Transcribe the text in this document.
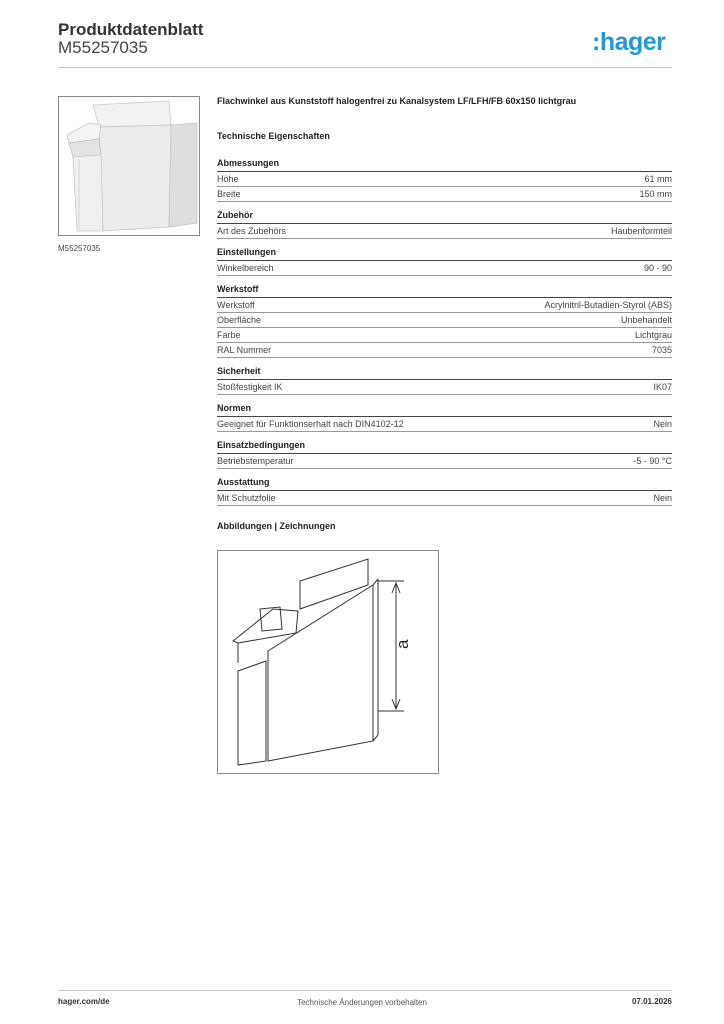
Produktdatenblatt
M55257035	:hager
M55257035
Flachwinkel aus Kunststoff halogenfrei zu Kanalsystem LF/LFH/FB 60x150 lichtgrau
Technische Eigenschaften
Abmessungen
Höhe	61 mm
Breite	150 mm
Zubehör
Art des Zubehörs	Haubenformteil
Einstellungen
Winkelbereich	90 - 90
Werkstoff
Werkstoff	Acrylnitril-Butadien-Styrol (ABS)
Oberfläche	Unbehandelt
Farbe	Lichtgrau
RAL Nummer	7035
Sicherheit
Stoßfestigkeit IK	IK07
Normen
Geeignet für Funktionserhalt nach DIN4102-12	Nein
Einsatzbedingungen
Betriebstemperatur	-5 - 90 °C
Ausstattung
Mit Schutzfolie	Nein
Abbildungen | Zeichnungen
a
hager.com/de	Technische Änderungen vorbehalten	07.01.2026
